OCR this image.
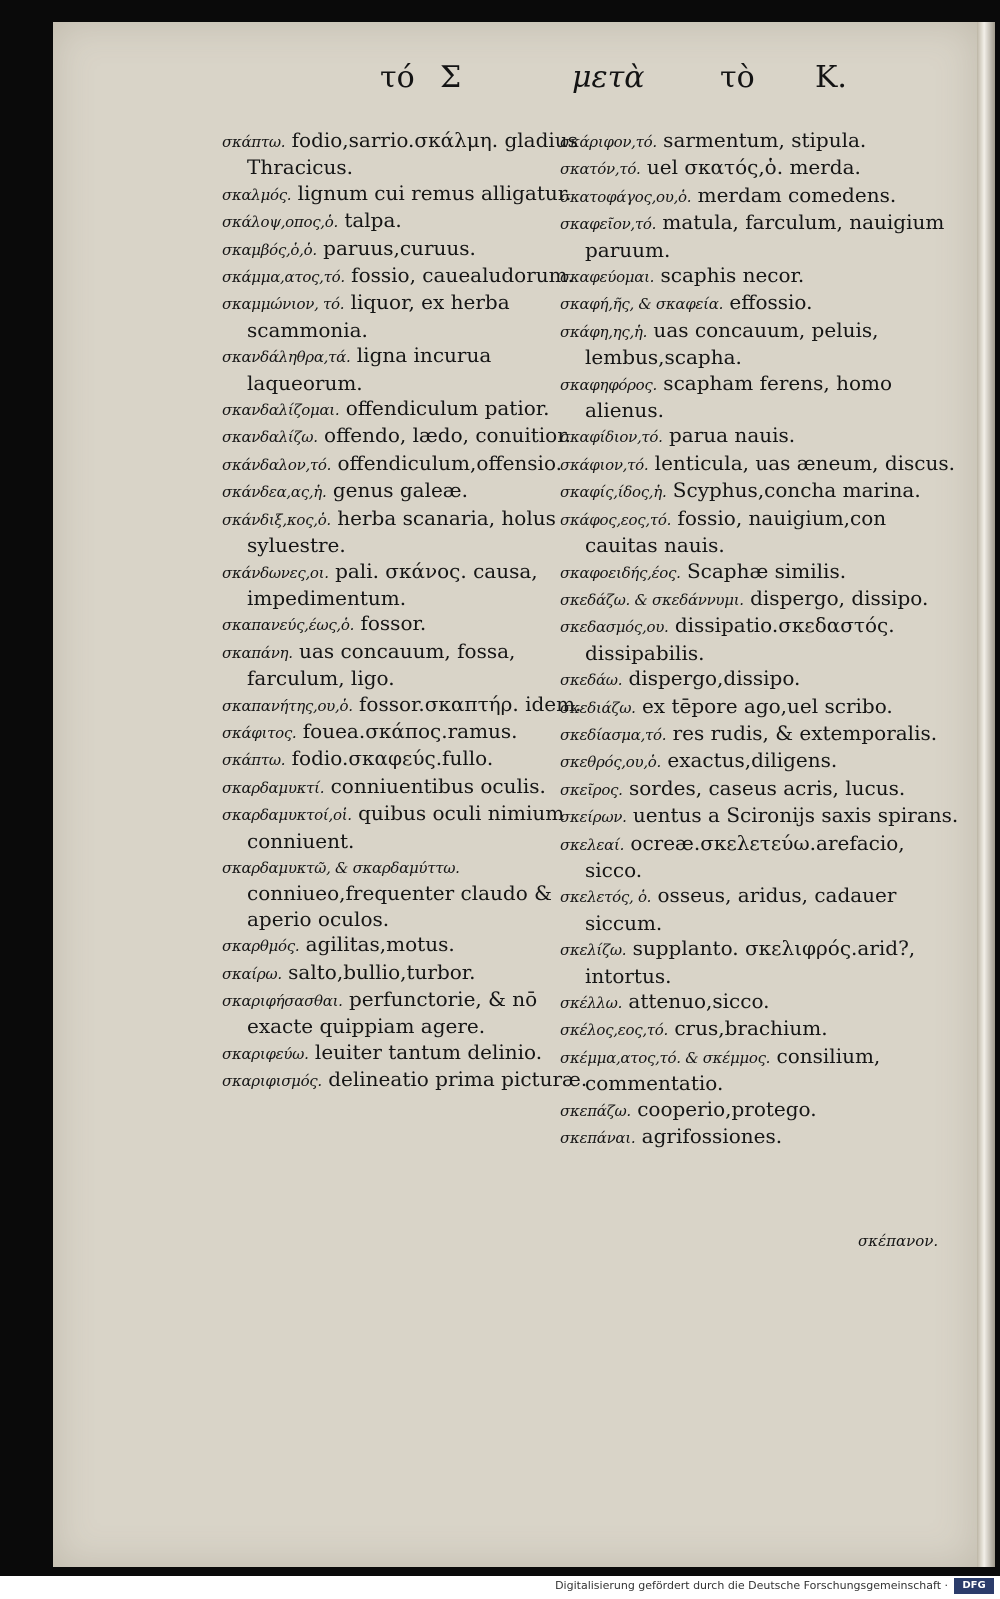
τό Σ	μετὰ	τὸ K.
σκάπτω. fodio,sarrio.σκάλμη. gladius Thracicus.
σκαλμός. lignum cui remus alligatur.
σκάλοψ,οπος,ὁ. talpa.
σκαμβός,ὁ,ὁ. paruus,curuus.
σκάμμα,ατος,τό. fossio, cauealudorum.
σκαμμώνιον, τό. liquor, ex herba scammonia.
σκανδάληθρα,τά. ligna incurua laqueorum.
σκανδαλίζομαι. offendiculum patior.
σκανδαλίζω. offendo, lædo, conuitior.
σκάνδαλον,τό. offendiculum,offensio.
σκάνδεα,ας,ἡ. genus galeæ.
σκάνδιξ,κος,ὁ. herba scanaria, holus syluestre.
σκάνδωνες,οι. pali. σκάνος. causa, impedimentum.
σκαπανεύς,έως,ὁ. fossor.
σκαπάνη. uas concauum, fossa, farculum, ligo.
σκαπανήτης,ου,ὁ. fossor.σκαπτήρ. idem.
σκάφιτος. fouea.σκάπος.ramus.
σκάπτω. fodio.σκαφεύς.fullo.
σκαρδαμυκτί. conniuentibus oculis.
σκαρδαμυκτοί,οἱ. quibus oculi nimium conniuent.
σκαρδαμυκτῶ, & σκαρδαμύττω. conniueo,frequenter claudo & aperio oculos.
σκαρθμός. agilitas,motus.
σκαίρω. salto,bullio,turbor.
σκαριφήσασθαι. perfunctorie, & nō exacte quippiam agere.
σκαριφεύω. leuiter tantum delinio.
σκαριφισμός. delineatio prima picturæ.
σκάριφον,τό. sarmentum, stipula.
σκατόν,τό. uel σκατός,ὁ. merda.
σκατοφάγος,ου,ὁ. merdam comedens.
σκαφεῖον,τό. matula, farculum, nauigium paruum.
σκαφεύομαι. scaphis necor.
σκαφή,ῆς, & σκαφεία. effossio.
σκάφη,ης,ἡ. uas concauum, peluis, lembus,scapha.
σκαφηφόρος. scapham ferens, homo alienus.
σκαφίδιον,τό. parua nauis.
σκάφιον,τό. lenticula, uas æneum, discus.
σκαφίς,ίδος,ἡ. Scyphus,concha marina.
σκάφος,εος,τό. fossio, nauigium,con cauitas nauis.
σκαφοειδής,έος. Scaphæ similis.
σκεδάζω. & σκεδάννυμι. dispergo, dissipo.
σκεδασμός,ου. dissipatio.σκεδαστός. dissipabilis.
σκεδάω. dispergo,dissipo.
σκεδιάζω. ex tēpore ago,uel scribo.
σκεδίασμα,τό. res rudis, & extemporalis.
σκεθρός,ου,ὁ. exactus,diligens.
σκεῖρος. sordes, caseus acris, lucus.
σκείρων. uentus a Scironijs saxis spirans.
σκελεαί. ocreæ.σκελετεύω.arefacio, sicco.
σκελετός, ὁ. osseus, aridus, cadauer siccum.
σκελίζω. supplanto. σκελιφρός.arid?, intortus.
σκέλλω. attenuo,sicco.
σκέλος,εος,τό. crus,brachium.
σκέμμα,ατος,τό. & σκέμμος. consilium, commentatio.
σκεπάζω. cooperio,protego.
σκεπάναι. agrifossiones.
σκέπανον.
Digitalisierung gefördert durch die Deutsche Forschungsgemeinschaft ·	DFG
